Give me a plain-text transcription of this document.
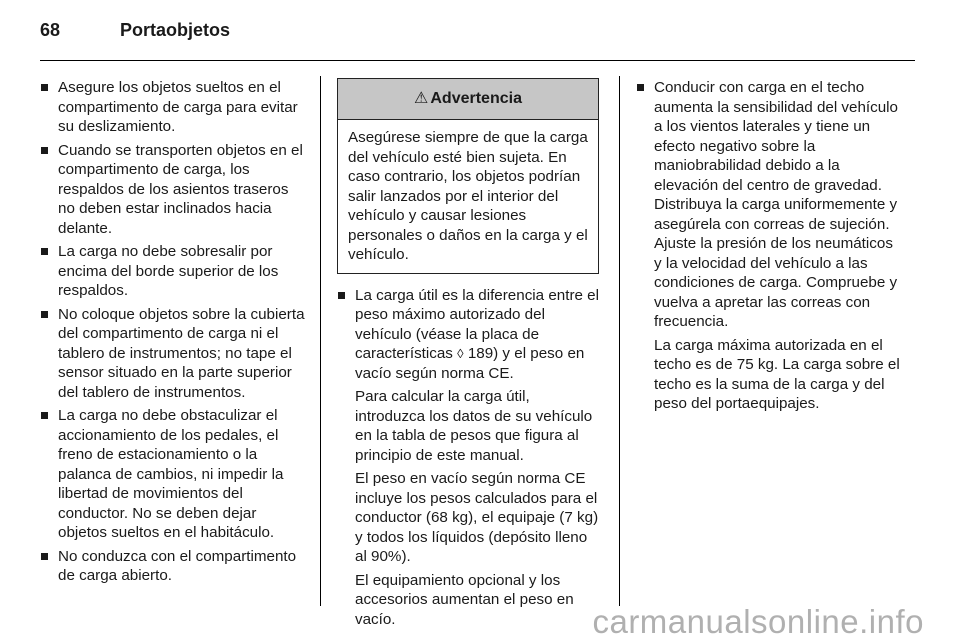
68	Portaobjetos
Asegure los objetos sueltos en el compartimento de carga para evitar su deslizamiento.
Cuando se transporten objetos en el compartimento de carga, los respaldos de los asientos traseros no deben estar inclinados hacia delante.
La carga no debe sobresalir por encima del borde superior de los respaldos.
No coloque objetos sobre la cubierta del compartimento de carga ni el tablero de instrumentos; no tape el sensor situado en la parte superior del tablero de instrumentos.
La carga no debe obstaculizar el accionamiento de los pedales, el freno de estacionamiento o la palanca de cambios, ni impedir la libertad de movimientos del conductor. No se deben dejar objetos sueltos en el habitáculo.
No conduzca con el compartimento de carga abierto.
⚠ Advertencia
Asegúrese siempre de que la carga del vehículo esté bien sujeta. En caso contrario, los objetos podrían salir lanzados por el interior del vehículo y causar lesiones personales o daños en la carga y el vehículo.
La carga útil es la diferencia entre el peso máximo autorizado del vehículo (véase la placa de características ◊ 189) y el peso en vacío según norma CE.

Para calcular la carga útil, introduzca los datos de su vehículo en la tabla de pesos que figura al principio de este manual.

El peso en vacío según norma CE incluye los pesos calculados para el conductor (68 kg), el equipaje (7 kg) y todos los líquidos (depósito lleno al 90%).

El equipamiento opcional y los accesorios aumentan el peso en vacío.

Conducir con carga en el techo aumenta la sensibilidad del vehículo a los vientos laterales y tiene un efecto negativo sobre la maniobrabilidad debido a la elevación del centro de gravedad. Distribuya la carga uniformemente y asegúrela con correas de sujeción. Ajuste la presión de los neumáticos y la velocidad del vehículo a las condiciones de carga. Compruebe y vuelva a apretar las correas con frecuencia.

La carga máxima autorizada en el techo es de 75 kg. La carga sobre el techo es la suma de la carga y del peso del portaequipajes.

carmanualsonline.info
